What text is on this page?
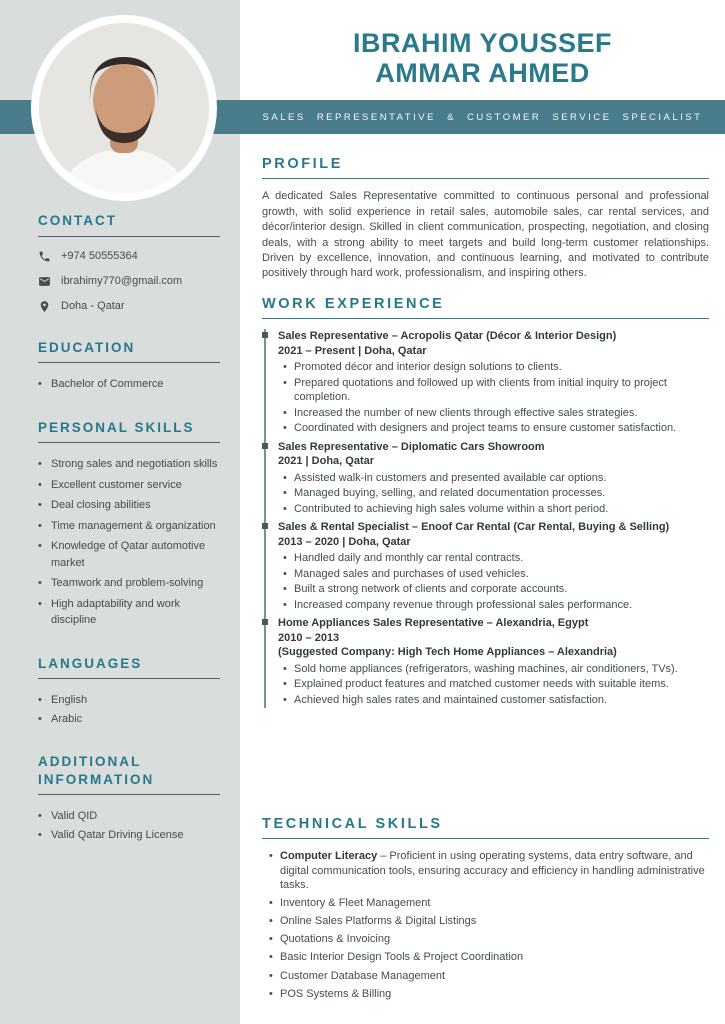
IBRAHIM YOUSSEF
AMMAR AHMED
SALES REPRESENTATIVE & CUSTOMER SERVICE SPECIALIST
CONTACT
+974 50555364
ibrahimy770@gmail.com
Doha - Qatar
EDUCATION
• Bachelor of Commerce
PERSONAL SKILLS
• Strong sales and negotiation skills
• Excellent customer service
• Deal closing abilities
• Time management & organization
• Knowledge of Qatar automotive market
• Teamwork and problem-solving
• High adaptability and work discipline
LANGUAGES
• English
• Arabic
ADDITIONAL INFORMATION
• Valid QID
• Valid Qatar Driving License
PROFILE

A dedicated Sales Representative committed to continuous personal and professional growth, with solid experience in retail sales, automobile sales, car rental services, and décor/interior design. Skilled in client communication, prospecting, negotiation, and closing deals, with a strong ability to meet targets and build long-term customer relationships. Driven by excellence, innovation, and continuous learning, and motivated to contribute positively through hard work, professionalism, and inspiring others.

WORK EXPERIENCE
Sales Representative – Acropolis Qatar (Décor & Interior Design)
2021 – Present | Doha, Qatar
• Promoted décor and interior design solutions to clients.
• Prepared quotations and followed up with clients from initial inquiry to project completion.
• Increased the number of new clients through effective sales strategies.
• Coordinated with designers and project teams to ensure customer satisfaction.
Sales Representative – Diplomatic Cars Showroom
2021 | Doha, Qatar
• Assisted walk-in customers and presented available car options.
• Managed buying, selling, and related documentation processes.
• Contributed to achieving high sales volume within a short period.
Sales & Rental Specialist – Enoof Car Rental (Car Rental, Buying & Selling)
2013 – 2020 | Doha, Qatar
• Handled daily and monthly car rental contracts.
• Managed sales and purchases of used vehicles.
• Built a strong network of clients and corporate accounts.
• Increased company revenue through professional sales performance.
Home Appliances Sales Representative – Alexandria, Egypt
2010 – 2013
(Suggested Company: High Tech Home Appliances – Alexandria)
• Sold home appliances (refrigerators, washing machines, air conditioners, TVs).
• Explained product features and matched customer needs with suitable items.
• Achieved high sales rates and maintained customer satisfaction.
TECHNICAL SKILLS
• Computer Literacy – Proficient in using operating systems, data entry software, and digital communication tools, ensuring accuracy and efficiency in handling administrative tasks.
• Inventory & Fleet Management
• Online Sales Platforms & Digital Listings
• Quotations & Invoicing
• Basic Interior Design Tools & Project Coordination
• Customer Database Management
• POS Systems & Billing
